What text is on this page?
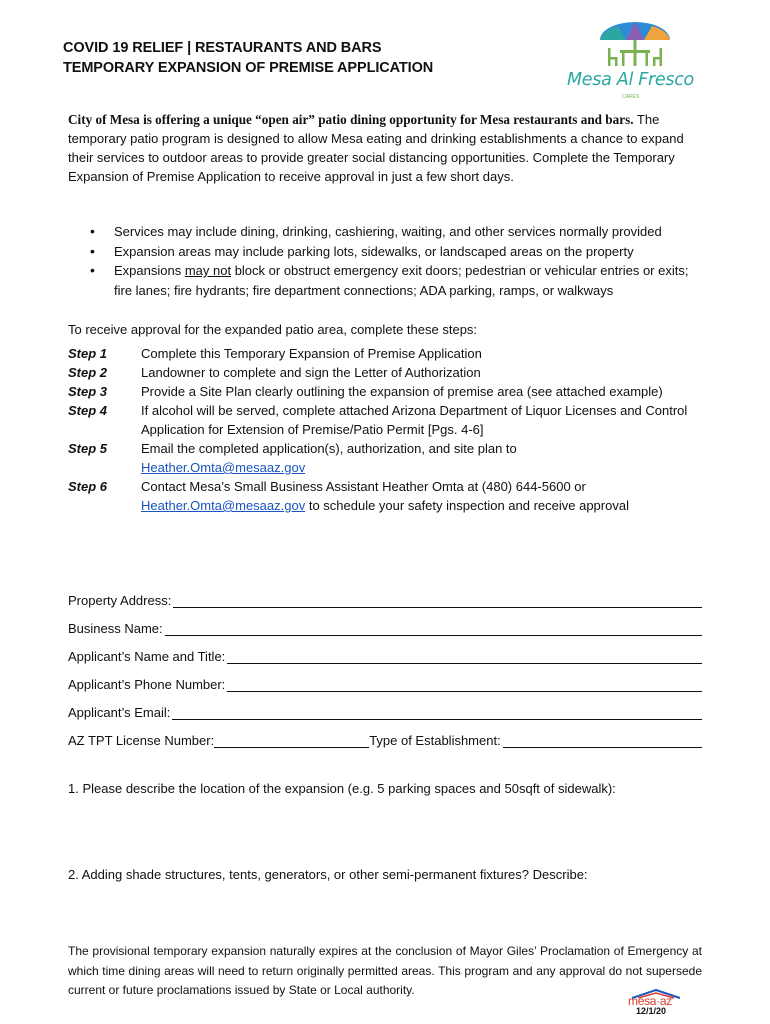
COVID 19 RELIEF | RESTAURANTS AND BARS
TEMPORARY EXPANSION OF PREMISE APPLICATION
Mesa Al Fresco
CARES
City of Mesa is offering a unique “open air” patio dining opportunity for Mesa restaurants and bars. The temporary patio program is designed to allow Mesa eating and drinking establishments a chance to expand their services to outdoor areas to provide greater social distancing opportunities. Complete the Temporary Expansion of Premise Application to receive approval in just a few short days.
• Services may include dining, drinking, cashiering, waiting, and other services normally provided
• Expansion areas may include parking lots, sidewalks, or landscaped areas on the property
• Expansions may not block or obstruct emergency exit doors; pedestrian or vehicular entries or exits; fire lanes; fire hydrants; fire department connections; ADA parking, ramps, or walkways
To receive approval for the expanded patio area, complete these steps:
Step 1	Complete this Temporary Expansion of Premise Application
Step 2	Landowner to complete and sign the Letter of Authorization
Step 3	Provide a Site Plan clearly outlining the expansion of premise area (see attached example)
Step 4	If alcohol will be served, complete attached Arizona Department of Liquor Licenses and Control Application for Extension of Premise/Patio Permit [Pgs. 4-6]
Step 5	Email the completed application(s), authorization, and site plan to
Heather.Omta@mesaaz.gov
Step 6	Contact Mesa’s Small Business Assistant Heather Omta at (480) 644-5600 or
Heather.Omta@mesaaz.gov to schedule your safety inspection and receive approval
Property Address:
Business Name:
Applicant’s Name and Title:
Applicant’s Phone Number:
Applicant’s Email:
AZ TPT License Number:	Type of Establishment:
1. Please describe the location of the expansion (e.g. 5 parking spaces and 50sqft of sidewalk):
2. Adding shade structures, tents, generators, or other semi-permanent fixtures? Describe:
The provisional temporary expansion naturally expires at the conclusion of Mayor Giles’ Proclamation of Emergency at which time dining areas will need to return originally permitted areas. This program and any approval do not supersede current or future proclamations issued by State or Local authority.
mesa·az
12/1/20
